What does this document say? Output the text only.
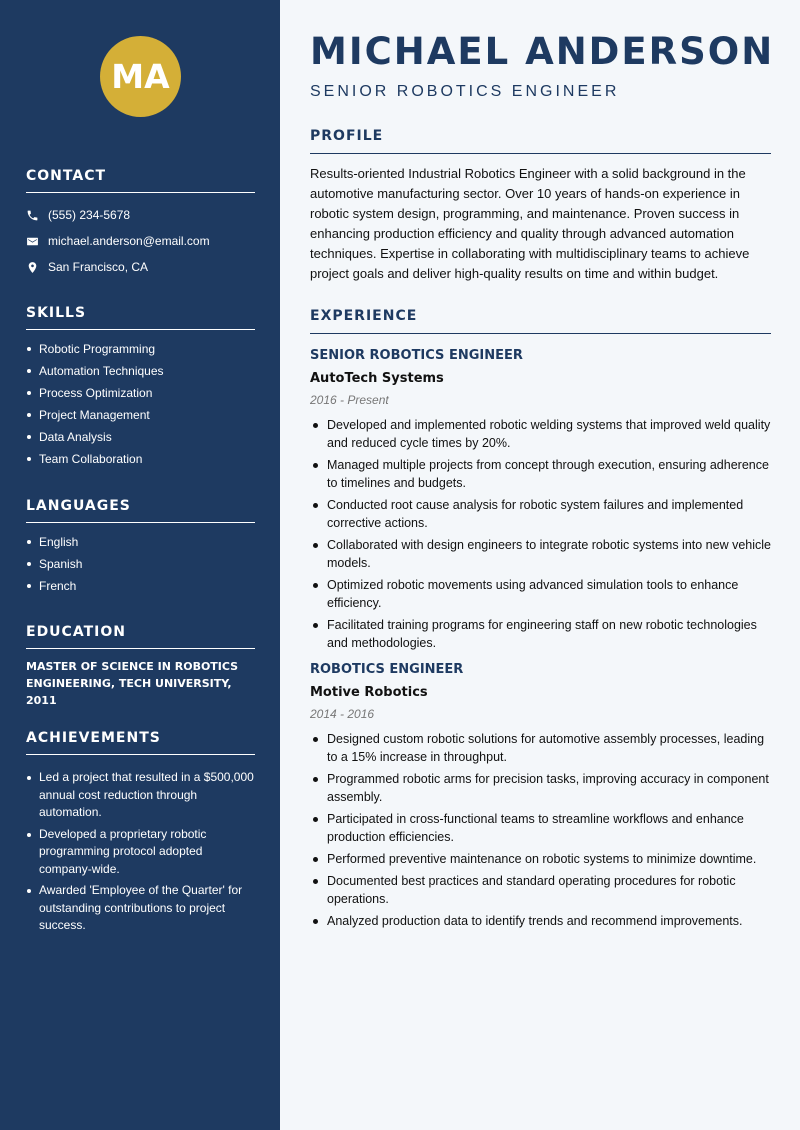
MA
CONTACT
(555) 234-5678
michael.anderson@email.com
San Francisco, CA
SKILLS
Robotic Programming
Automation Techniques
Process Optimization
Project Management
Data Analysis
Team Collaboration
LANGUAGES
English
Spanish
French
EDUCATION
MASTER OF SCIENCE IN ROBOTICS
ENGINEERING, TECH UNIVERSITY, 2011
ACHIEVEMENTS
Led a project that resulted in a $500,000 annual cost reduction through automation.
Developed a proprietary robotic programming protocol adopted company-wide.
Awarded 'Employee of the Quarter' for outstanding contributions to project success.
MICHAEL ANDERSON
SENIOR ROBOTICS ENGINEER
PROFILE

Results-oriented Industrial Robotics Engineer with a solid background in the automotive manufacturing sector. Over 10 years of hands-on experience in robotic system design, programming, and maintenance. Proven success in enhancing production efficiency and quality through advanced automation techniques. Expertise in collaborating with multidisciplinary teams to achieve project goals and deliver high-quality results on time and within budget.

EXPERIENCE
SENIOR ROBOTICS ENGINEER
AutoTech Systems
2016 - Present
Developed and implemented robotic welding systems that improved weld quality and reduced cycle times by 20%.
Managed multiple projects from concept through execution, ensuring adherence to timelines and budgets.
Conducted root cause analysis for robotic system failures and implemented corrective actions.
Collaborated with design engineers to integrate robotic systems into new vehicle models.
Optimized robotic movements using advanced simulation tools to enhance efficiency.
Facilitated training programs for engineering staff on new robotic technologies and methodologies.
ROBOTICS ENGINEER
Motive Robotics
2014 - 2016
Designed custom robotic solutions for automotive assembly processes, leading to a 15% increase in throughput.
Programmed robotic arms for precision tasks, improving accuracy in component assembly.
Participated in cross-functional teams to streamline workflows and enhance production efficiencies.
Performed preventive maintenance on robotic systems to minimize downtime.
Documented best practices and standard operating procedures for robotic operations.
Analyzed production data to identify trends and recommend improvements.
